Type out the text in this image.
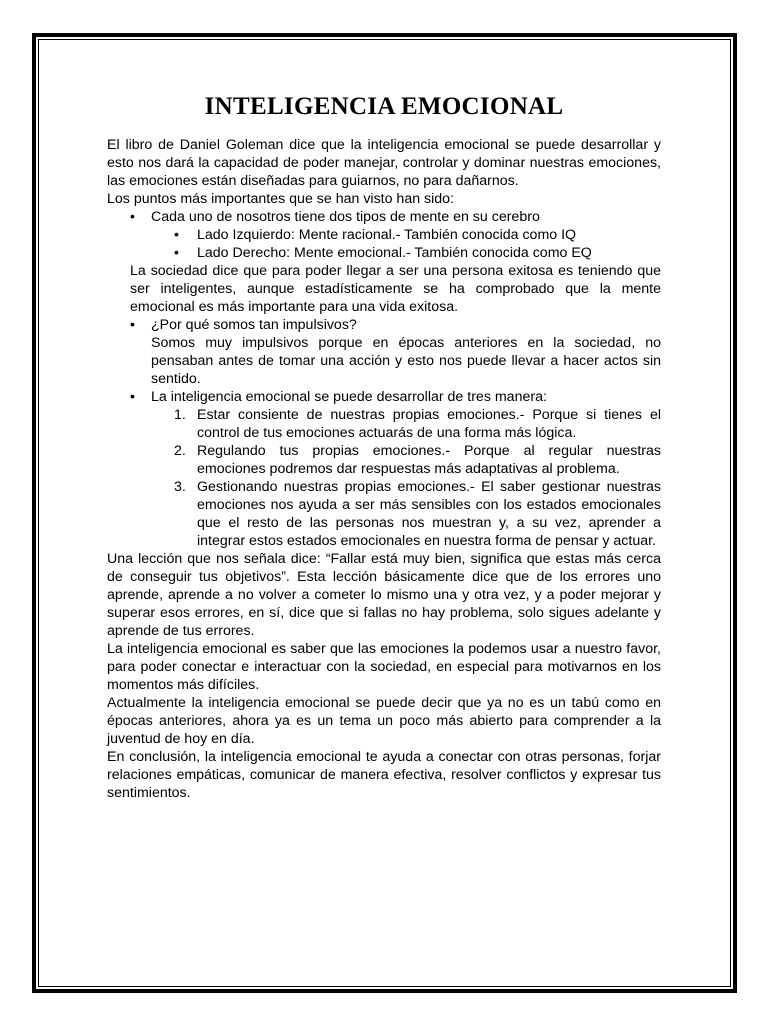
INTELIGENCIA EMOCIONAL

El libro de Daniel Goleman dice que la inteligencia emocional se puede desarrollar y esto nos dará la capacidad de poder manejar, controlar y dominar nuestras emociones, las emociones están diseñadas para guiarnos, no para dañarnos.

Los puntos más importantes que se han visto han sido:

• Cada uno de nosotros tiene dos tipos de mente en su cerebro
• Lado Izquierdo: Mente racional.- También conocida como IQ
• Lado Derecho: Mente emocional.- También conocida como EQ
La sociedad dice que para poder llegar a ser una persona exitosa es teniendo que ser inteligentes, aunque estadísticamente se ha comprobado que la mente emocional es más importante para una vida exitosa.
• ¿Por qué somos tan impulsivos?
Somos muy impulsivos porque en épocas anteriores en la sociedad, no pensaban antes de tomar una acción y esto nos puede llevar a hacer actos sin sentido.
• La inteligencia emocional se puede desarrollar de tres manera:
1. Estar consiente de nuestras propias emociones.- Porque si tienes el control de tus emociones actuarás de una forma más lógica.
2. Regulando tus propias emociones.- Porque al regular nuestras emociones podremos dar respuestas más adaptativas al problema.
3. Gestionando nuestras propias emociones.- El saber gestionar nuestras emociones nos ayuda a ser más sensibles con los estados emocionales que el resto de las personas nos muestran y, a su vez, aprender a integrar estos estados emocionales en nuestra forma de pensar y actuar.

Una lección que nos señala dice: “Fallar está muy bien, significa que estas más cerca de conseguir tus objetivos”. Esta lección básicamente dice que de los errores uno aprende, aprende a no volver a cometer lo mismo una y otra vez, y a poder mejorar y superar esos errores, en sí, dice que si fallas no hay problema, solo sigues adelante y aprende de tus errores.

La inteligencia emocional es saber que las emociones la podemos usar a nuestro favor, para poder conectar e interactuar con la sociedad, en especial para motivarnos en los momentos más difíciles.

Actualmente la inteligencia emocional se puede decir que ya no es un tabú como en épocas anteriores, ahora ya es un tema un poco más abierto para comprender a la juventud de hoy en día.

En conclusión, la inteligencia emocional te ayuda a conectar con otras personas, forjar relaciones empáticas, comunicar de manera efectiva, resolver conflictos y expresar tus sentimientos.
